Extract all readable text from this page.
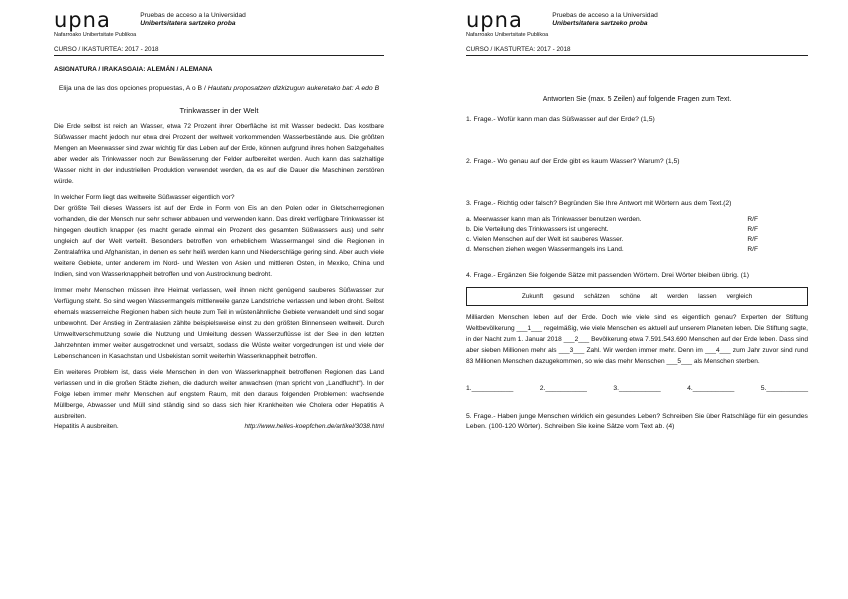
upna
Nafarroako Unibertsitate Publikoa
Pruebas de acceso a la Universidad
Unibertsitatera sartzeko proba
CURSO / IKASTURTEA: 2017 - 2018
ASIGNATURA / IRAKASGAIA: ALEMÁN / ALEMANA
Elija una de las dos opciones propuestas, A o B / Hautatu proposatzen dizkizugun aukeretako bat: A edo B
Trinkwasser in der Welt

Die Erde selbst ist reich an Wasser, etwa 72 Prozent ihrer Oberfläche ist mit Wasser bedeckt. Das kostbare Süßwasser macht jedoch nur etwa drei Prozent der weltweit vorkommenden Wasserbestände aus. Die größten Mengen an Meerwasser sind zwar wichtig für das Leben auf der Erde, können aufgrund ihres hohen Salzgehaltes aber weder als Trinkwasser noch zur Bewässerung der Felder aufbereitet werden. Auch kann das salzhaltige Wasser nicht in der industriellen Produktion verwendet werden, da es auf die Dauer die Maschinen zerstören würde.

In welcher Form liegt das weltweite Süßwasser eigentlich vor?

Der größte Teil dieses Wassers ist auf der Erde in Form von Eis an den Polen oder in Gletscherregionen vorhanden, die der Mensch nur sehr schwer abbauen und verwenden kann. Das direkt verfügbare Trinkwasser ist hingegen deutlich knapper (es macht gerade einmal ein Prozent des gesamten Süßwassers aus) und sehr ungleich auf der Welt verteilt. Besonders betroffen von erheblichem Wassermangel sind die Regionen in Zentralafrika und Afghanistan, in denen es sehr heiß werden kann und Niederschläge gering sind. Aber auch viele weitere Gebiete, unter anderem im Nord- und Westen von Asien und mittleren Osten, in Mexiko, China und Indien, sind von Wasserknappheit betroffen und von Austrocknung bedroht.

Immer mehr Menschen müssen ihre Heimat verlassen, weil ihnen nicht genügend sauberes Süßwasser zur Verfügung steht. So sind wegen Wassermangels mittlerweile ganze Landstriche verlassen und leben droht. Selbst ehemals wasserreiche Regionen haben sich heute zum Teil in wüstenähnliche Gebiete verwandelt und sind sogar unbewohnt. Der Anstieg in Zentralasien zählte beispielsweise einst zu den größten Binnenseen weltweit. Durch Umweltverschmutzung sowie die Nutzung und Umleitung dessen Wasserzuflüsse ist der See in den letzten Jahrzehnten immer weiter ausgetrocknet und versalzt, sodass die Wüste weiter vorgedrungen ist und viele der Lebenschancen in Kasachstan und Usbekistan somit weiterhin Wasserknappheit betroffen.

Ein weiteres Problem ist, dass viele Menschen in den von Wasserknappheit betroffenen Regionen das Land verlassen und in die großen Städte ziehen, die dadurch weiter anwachsen (man spricht von „Landflucht“). In der Folge leben immer mehr Menschen auf engstem Raum, mit den daraus folgenden Problemen: wachsende Müllberge, Abwasser und Müll sind ständig sind so dass sich hier Krankheiten wie Cholera oder Hepatitis A ausbreiten.

Hepatitis A ausbreiten.	http://www.helles-koepfchen.de/artikel/3038.html
upna
Nafarroako Unibertsitate Publikoa
Pruebas de acceso a la Universidad
Unibertsitatera sartzeko proba
CURSO / IKASTURTEA: 2017 - 2018
Antworten Sie (max. 5 Zeilen) auf folgende Fragen zum Text.

1. Frage.- Wofür kann man das Süßwasser auf der Erde? (1,5)

2. Frage.- Wo genau auf der Erde gibt es kaum Wasser? Warum? (1,5)

3. Frage.- Richtig oder falsch? Begründen Sie Ihre Antwort mit Wörtern aus dem Text.(2)

a. Meerwasser kann man als Trinkwasser benutzen werden.	R/F
b. Die Verteilung des Trinkwassers ist ungerecht.	R/F
c. Vielen Menschen auf der Welt ist sauberes Wasser.	R/F
d. Menschen ziehen wegen Wassermangels ins Land.	R/F

4. Frage.- Ergänzen Sie folgende Sätze mit passenden Wörtern. Drei Wörter bleiben übrig. (1)

Zukunft gesund schätzen schöne alt werden lassen vergleich

Milliarden Menschen leben auf der Erde. Doch wie viele sind es eigentlich genau? Experten der Stiftung Weltbevölkerung ___1___ regelmäßig, wie viele Menschen es aktuell auf unserem Planeten leben. Die Stiftung sagte, in der Nacht zum 1. Januar 2018 ___2___ Bevölkerung etwa 7.591.543.690 Menschen auf der Erde leben. Dass sind aber sieben Millionen mehr als ___3___ Zahl. Wir werden immer mehr. Denn im ___4___ zum Jahr zuvor sind rund 83 Millionen Menschen dazugekommen, so wie das mehr Menschen ___5___ als Menschen sterben.

1.___________	2.___________	3.___________	4.___________	5.___________

5. Frage.- Haben junge Menschen wirklich ein gesundes Leben? Schreiben Sie über Ratschläge für ein gesundes Leben. (100-120 Wörter). Schreiben Sie keine Sätze vom Text ab. (4)
